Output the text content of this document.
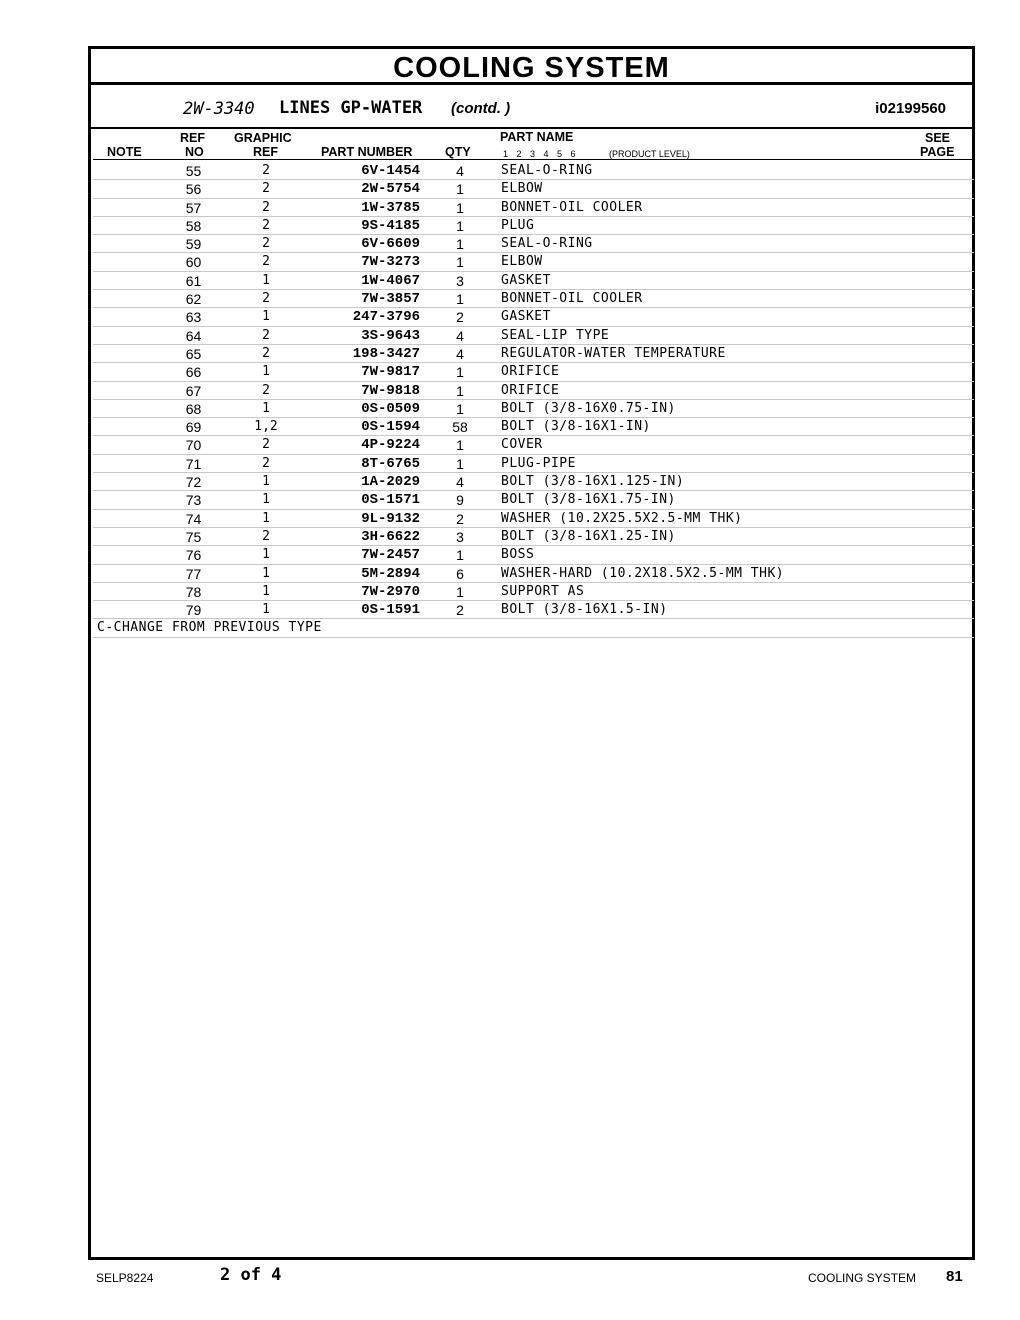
COOLING SYSTEM
2W-3340 LINES GP-WATER (contd. )	i02199560
NOTE
REF
NO
GRAPHIC
REF	PART NUMBER	QTY
PART NAME
1 2 3 4 5 6	(PRODUCT LEVEL)
SEE
PAGE
55	2	6V-1454	4	SEAL-O-RING
56	2	2W-5754	1	ELBOW
57	2	1W-3785	1	BONNET-OIL COOLER
58	2	9S-4185	1	PLUG
59	2	6V-6609	1	SEAL-O-RING
60	2	7W-3273	1	ELBOW
61	1	1W-4067	3	GASKET
62	2	7W-3857	1	BONNET-OIL COOLER
63	1	247-3796	2	GASKET
64	2	3S-9643	4	SEAL-LIP TYPE
65	2	198-3427	4	REGULATOR-WATER TEMPERATURE
66	1	7W-9817	1	ORIFICE
67	2	7W-9818	1	ORIFICE
68	1	0S-0509	1	BOLT (3/8-16X0.75-IN)
69	1,2	0S-1594	58	BOLT (3/8-16X1-IN)
70	2	4P-9224	1	COVER
71	2	8T-6765	1	PLUG-PIPE
72	1	1A-2029	4	BOLT (3/8-16X1.125-IN)
73	1	0S-1571	9	BOLT (3/8-16X1.75-IN)
74	1	9L-9132	2	WASHER (10.2X25.5X2.5-MM THK)
75	2	3H-6622	3	BOLT (3/8-16X1.25-IN)
76	1	7W-2457	1	BOSS
77	1	5M-2894	6	WASHER-HARD (10.2X18.5X2.5-MM THK)
78	1	7W-2970	1	SUPPORT AS
79	1	0S-1591	2	BOLT (3/8-16X1.5-IN)
C-CHANGE FROM PREVIOUS TYPE
SELP8224	2 of 4	COOLING SYSTEM 81
